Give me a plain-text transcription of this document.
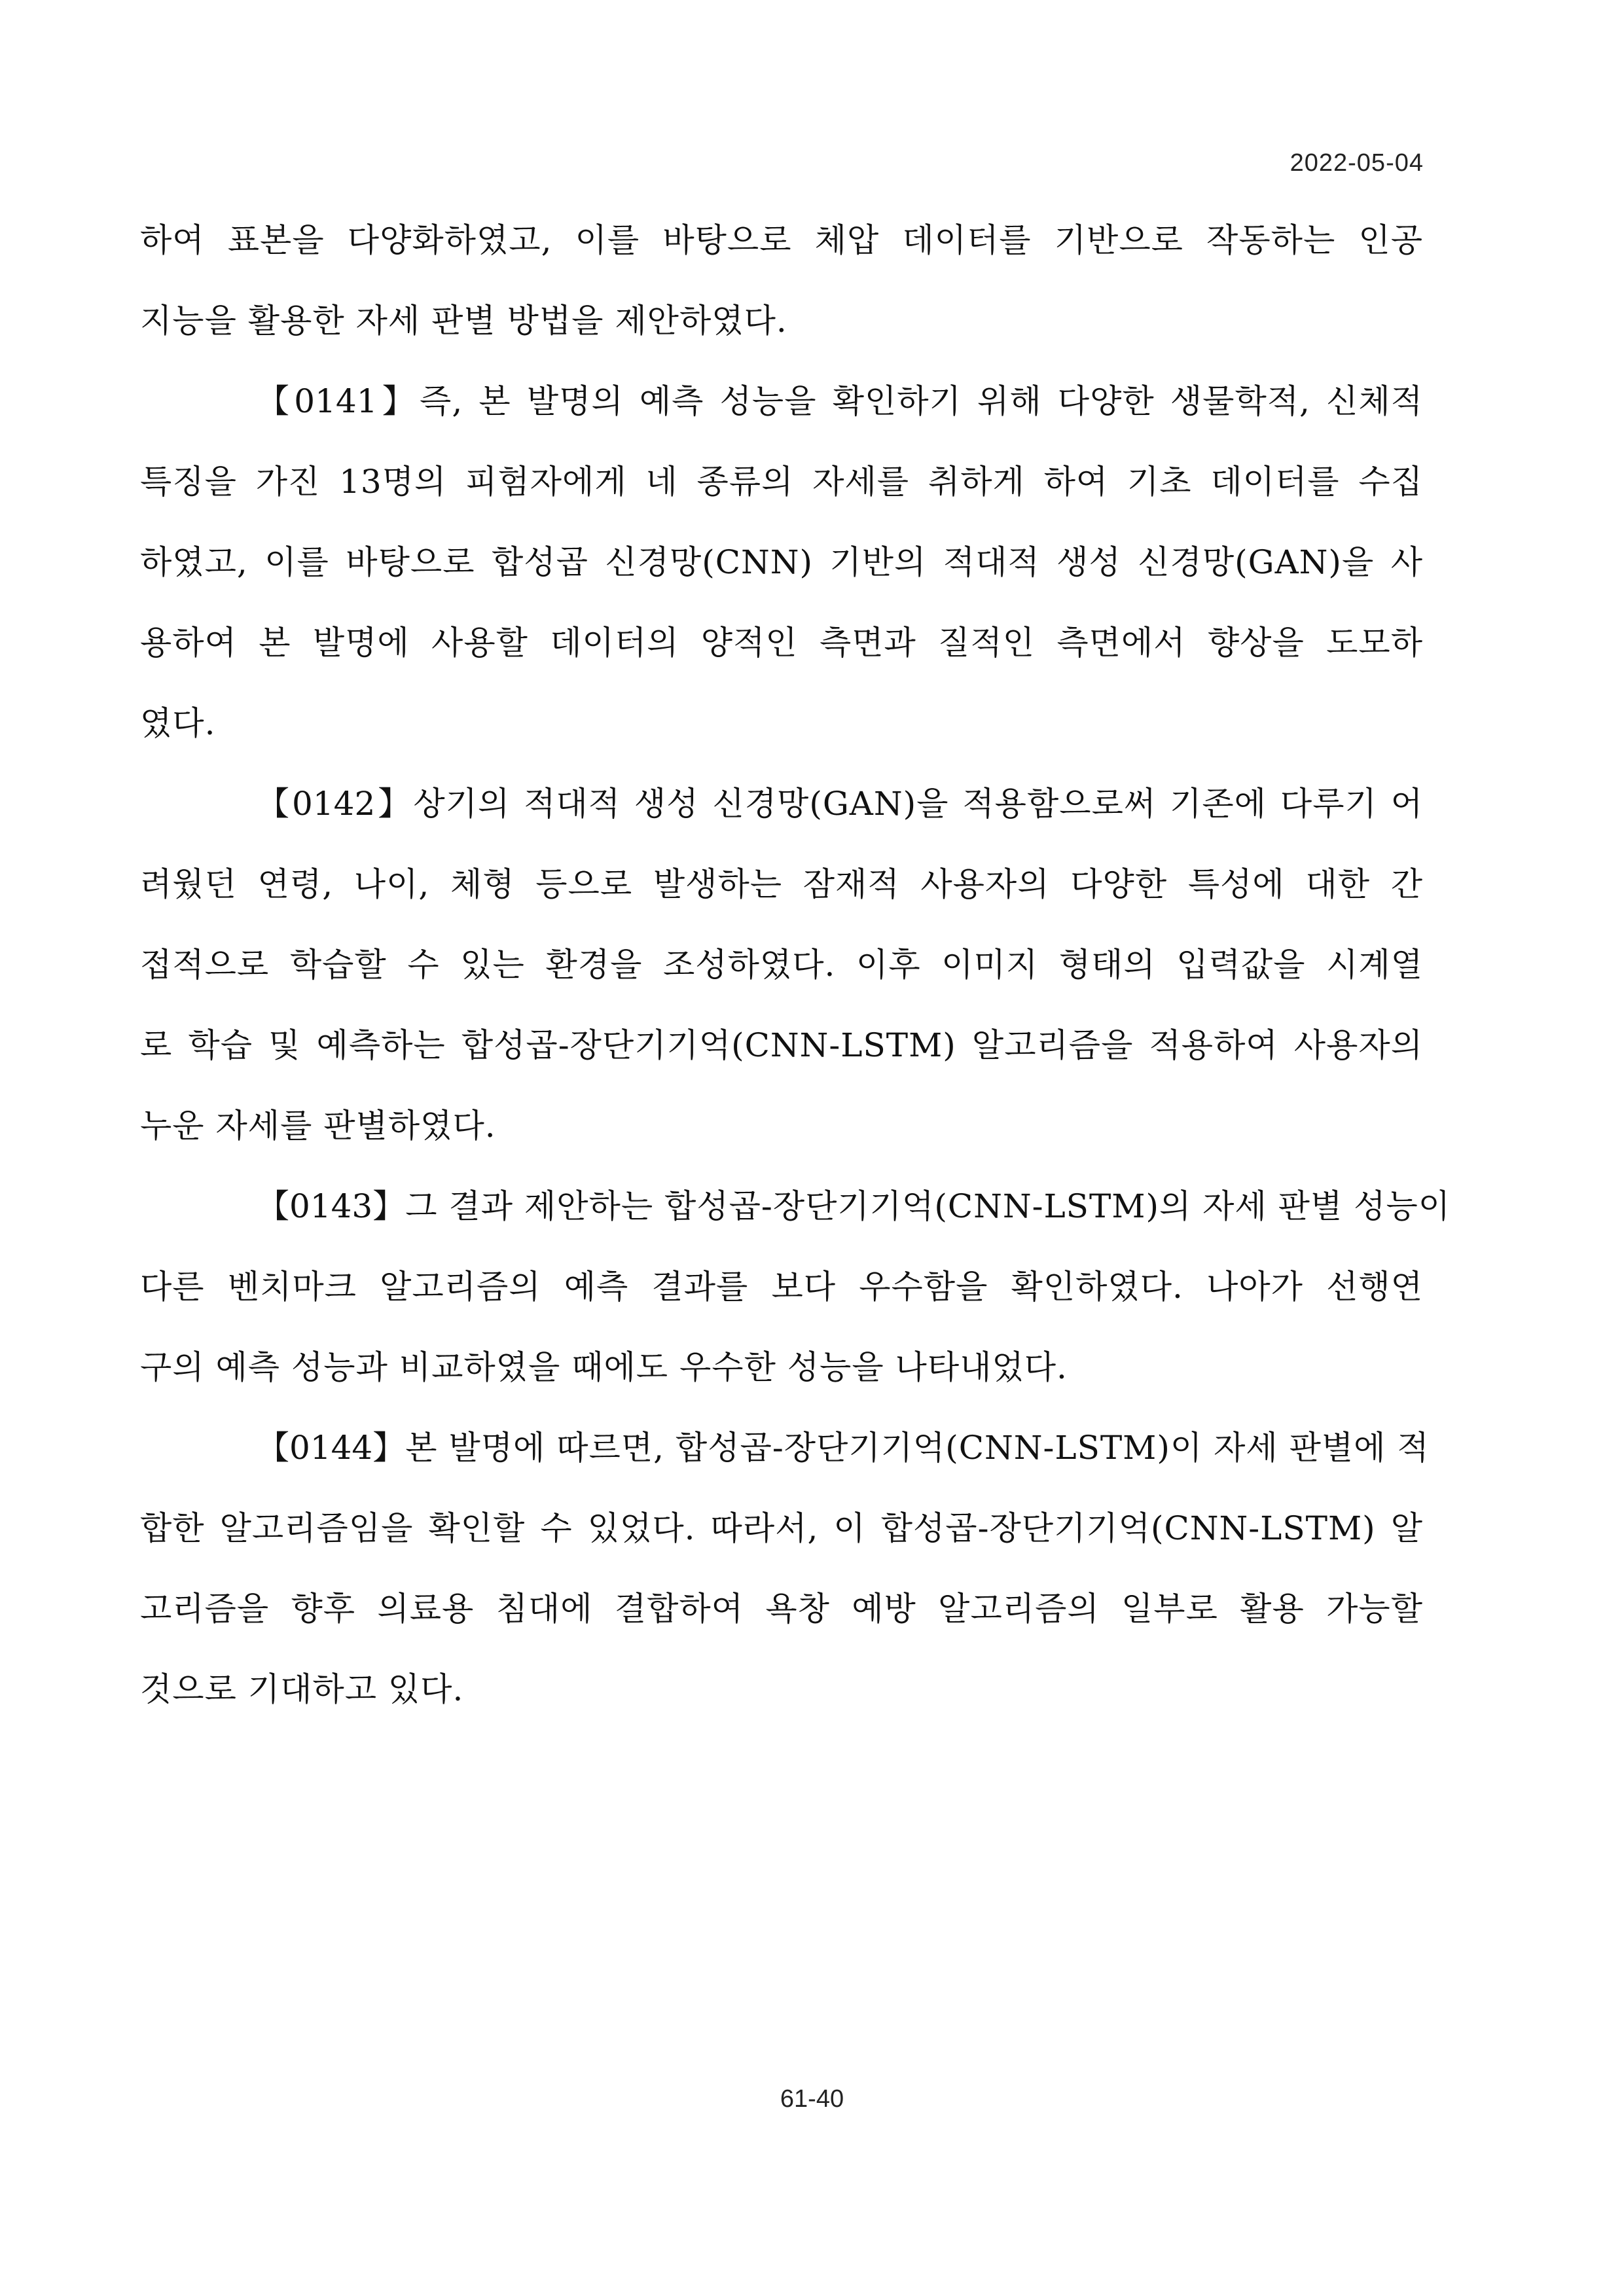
2022-05-04
하여 표본을 다양화하였고, 이를 바탕으로 체압 데이터를 기반으로 작동하는 인공
지능을 활용한 자세 판별 방법을 제안하였다.
【0141】즉, 본 발명의 예측 성능을 확인하기 위해 다양한 생물학적, 신체적
특징을 가진 13명의 피험자에게 네 종류의 자세를 취하게 하여 기초 데이터를 수집
하였고, 이를 바탕으로 합성곱 신경망(CNN) 기반의 적대적 생성 신경망(GAN)을 사
용하여 본 발명에 사용할 데이터의 양적인 측면과 질적인 측면에서 향상을 도모하
였다.
【0142】상기의 적대적 생성 신경망(GAN)을 적용함으로써 기존에 다루기 어
려웠던 연령, 나이, 체형 등으로 발생하는 잠재적 사용자의 다양한 특성에 대한 간
접적으로 학습할 수 있는 환경을 조성하였다. 이후 이미지 형태의 입력값을 시계열
로 학습 및 예측하는 합성곱-장단기기억(CNN-LSTM) 알고리즘을 적용하여 사용자의
누운 자세를 판별하였다.
【0143】그 결과 제안하는 합성곱-장단기기억(CNN-LSTM)의 자세 판별 성능이
다른 벤치마크 알고리즘의 예측 결과를 보다 우수함을 확인하였다. 나아가 선행연
구의 예측 성능과 비교하였을 때에도 우수한 성능을 나타내었다.
【0144】본 발명에 따르면, 합성곱-장단기기억(CNN-LSTM)이 자세 판별에 적
합한 알고리즘임을 확인할 수 있었다. 따라서, 이 합성곱-장단기기억(CNN-LSTM) 알
고리즘을 향후 의료용 침대에 결합하여 욕창 예방 알고리즘의 일부로 활용 가능할
것으로 기대하고 있다.
61-40
